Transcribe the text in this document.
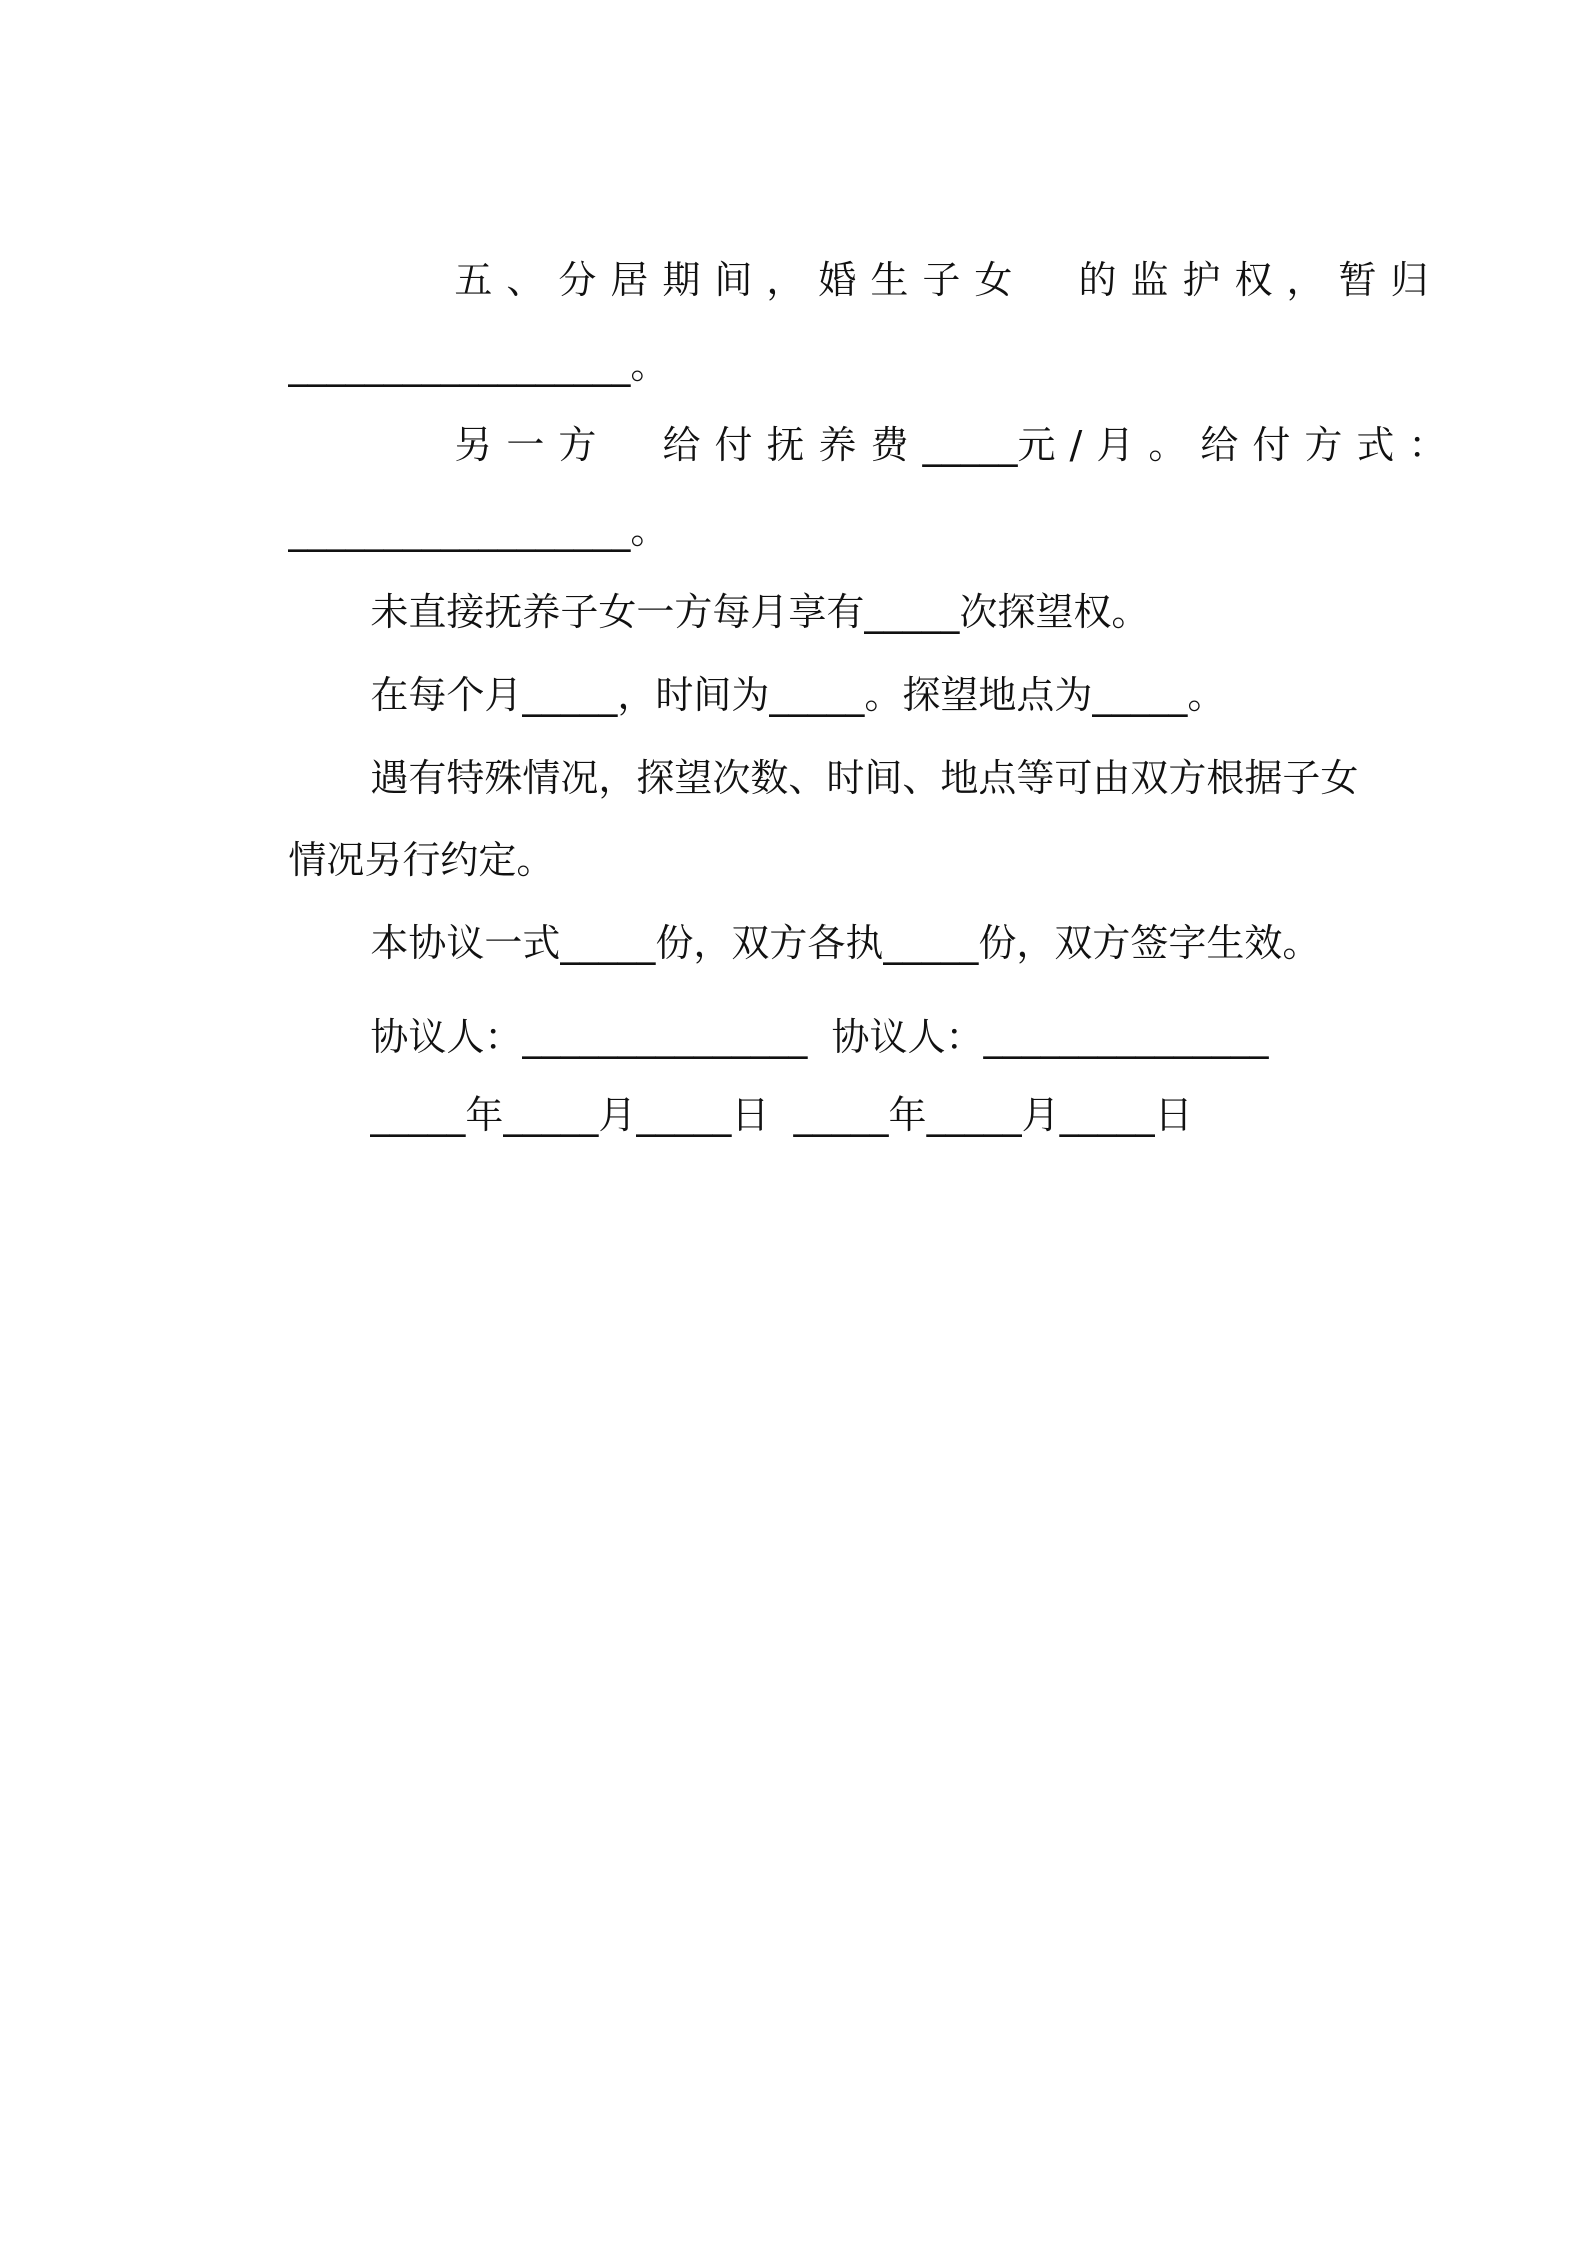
五、分居期间，婚生子女 的监护权，暂归

__________________。

另一方 给付抚养费_____元/月。给付方式：

__________________。

未直接抚养子女一方每月享有_____次探望权。

在每个月_____，时间为_____。探望地点为_____。

遇有特殊情况，探望次数、时间、地点等可由双方根据子女

情况另行约定。

本协议一式_____份，双方各执_____份，双方签字生效。

协议人：_______________ 协议人：_______________

_____年_____月_____日 _____年_____月_____日
